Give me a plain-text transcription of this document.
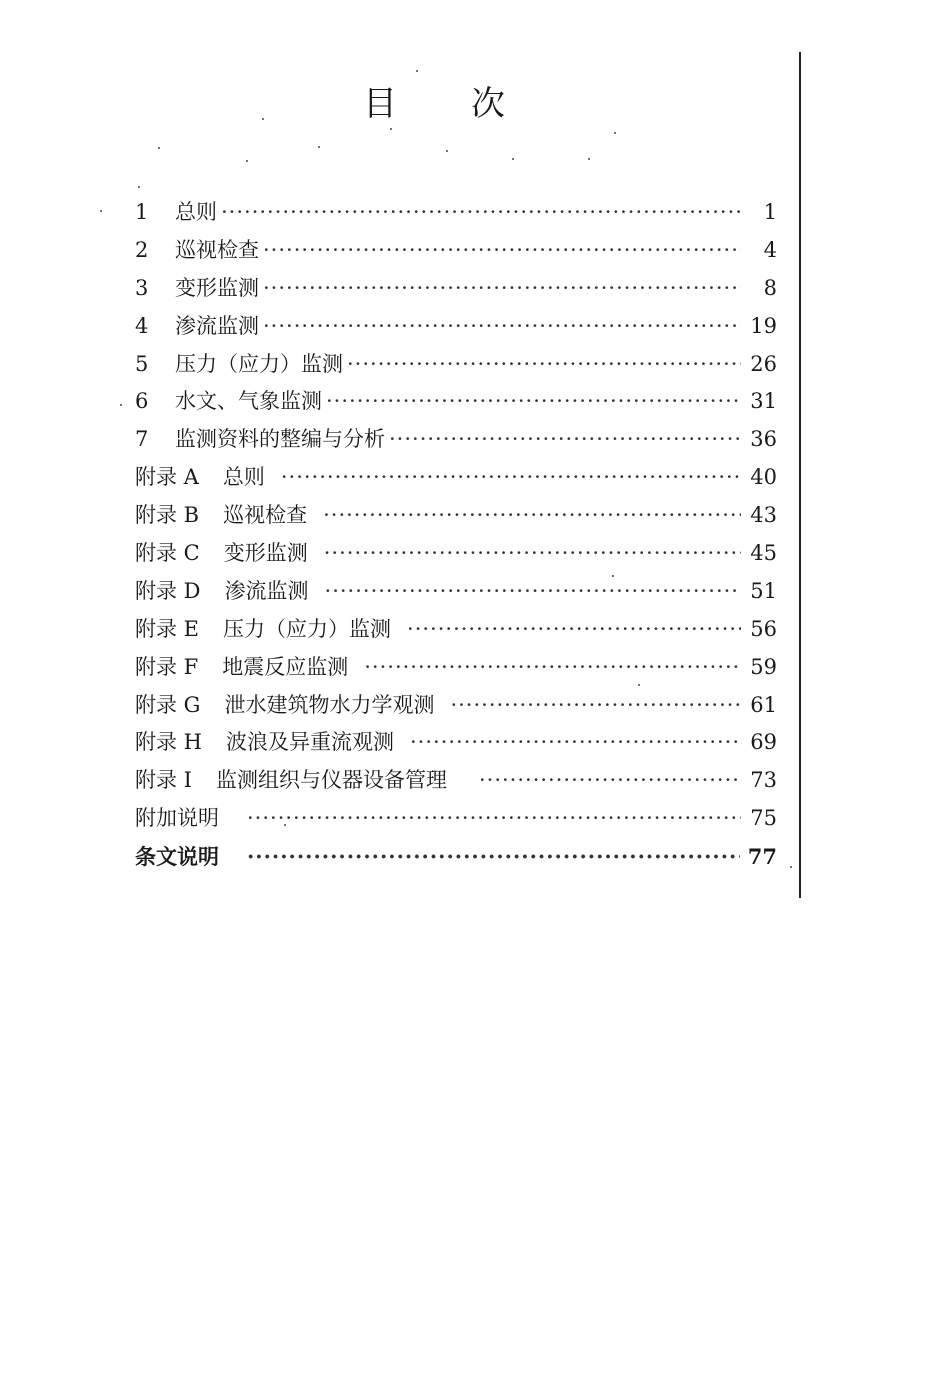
目 次
1	总则 ·····	1
2	巡视检查 ·····	4
3	变形监测 ·····	8
4	渗流监测 ·····	19
5	压力（应力）监测 ·····	26
6	水文、气象监测 ·····	31
7	监测资料的整编与分析 ·····	36
附录 A 总则 ·····	40
附录 B 巡视检查 ·····	43
附录 C 变形监测 ·····	45
附录 D 渗流监测 ·····	51
附录 E 压力（应力）监测 ·····	56
附录 F 地震反应监测 ·····	59
附录 G 泄水建筑物水力学观测 ·····	61
附录 H 波浪及异重流观测 ·····	69
附录 I 监测组织与仪器设备管理 ·····	73
附加说明 ·····	75
条文说明 ·····	77
